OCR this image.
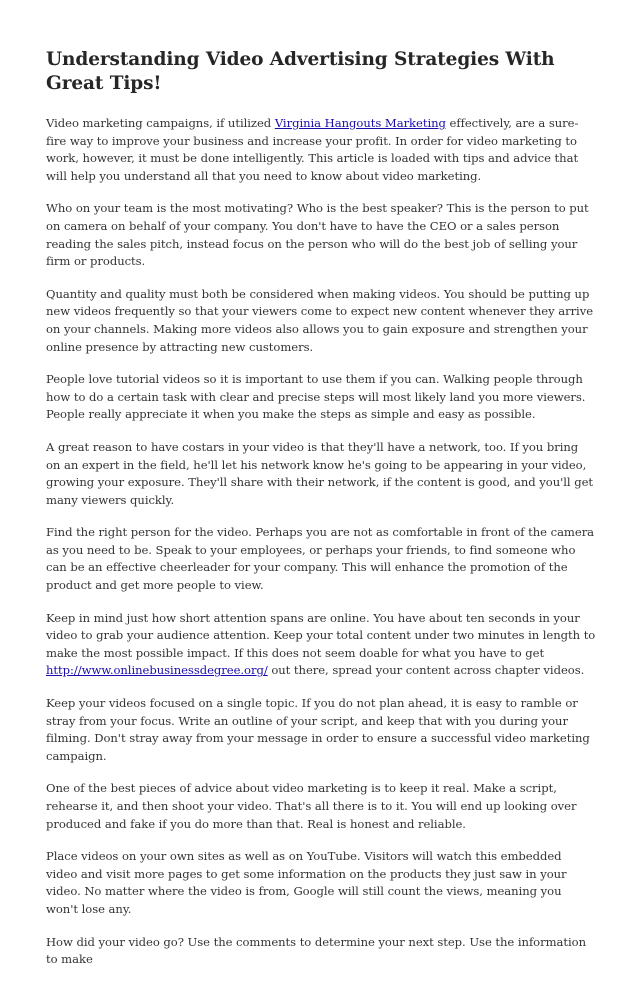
Understanding Video Advertising Strategies With Great Tips!

Video marketing campaigns, if utilized Virginia Hangouts Marketing effectively, are a sure-fire way to improve your business and increase your profit. In order for video marketing to work, however, it must be done intelligently. This article is loaded with tips and advice that will help you understand all that you need to know about video marketing.

Who on your team is the most motivating? Who is the best speaker? This is the person to put on camera on behalf of your company. You don't have to have the CEO or a sales person reading the sales pitch, instead focus on the person who will do the best job of selling your firm or products.

Quantity and quality must both be considered when making videos. You should be putting up new videos frequently so that your viewers come to expect new content whenever they arrive on your channels. Making more videos also allows you to gain exposure and strengthen your online presence by attracting new customers.

People love tutorial videos so it is important to use them if you can. Walking people through how to do a certain task with clear and precise steps will most likely land you more viewers. People really appreciate it when you make the steps as simple and easy as possible.

A great reason to have costars in your video is that they'll have a network, too. If you bring on an expert in the field, he'll let his network know he's going to be appearing in your video, growing your exposure. They'll share with their network, if the content is good, and you'll get many viewers quickly.

Find the right person for the video. Perhaps you are not as comfortable in front of the camera as you need to be. Speak to your employees, or perhaps your friends, to find someone who can be an effective cheerleader for your company. This will enhance the promotion of the product and get more people to view.

Keep in mind just how short attention spans are online. You have about ten seconds in your video to grab your audience attention. Keep your total content under two minutes in length to make the most possible impact. If this does not seem doable for what you have to get http://www.onlinebusinessdegree.org/ out there, spread your content across chapter videos.

Keep your videos focused on a single topic. If you do not plan ahead, it is easy to ramble or stray from your focus. Write an outline of your script, and keep that with you during your filming. Don't stray away from your message in order to ensure a successful video marketing campaign.

One of the best pieces of advice about video marketing is to keep it real. Make a script, rehearse it, and then shoot your video. That's all there is to it. You will end up looking over produced and fake if you do more than that. Real is honest and reliable.

Place videos on your own sites as well as on YouTube. Visitors will watch this embedded video and visit more pages to get some information on the products they just saw in your video. No matter where the video is from, Google will still count the views, meaning you won't lose any.

How did your video go? Use the comments to determine your next step. Use the information to make
